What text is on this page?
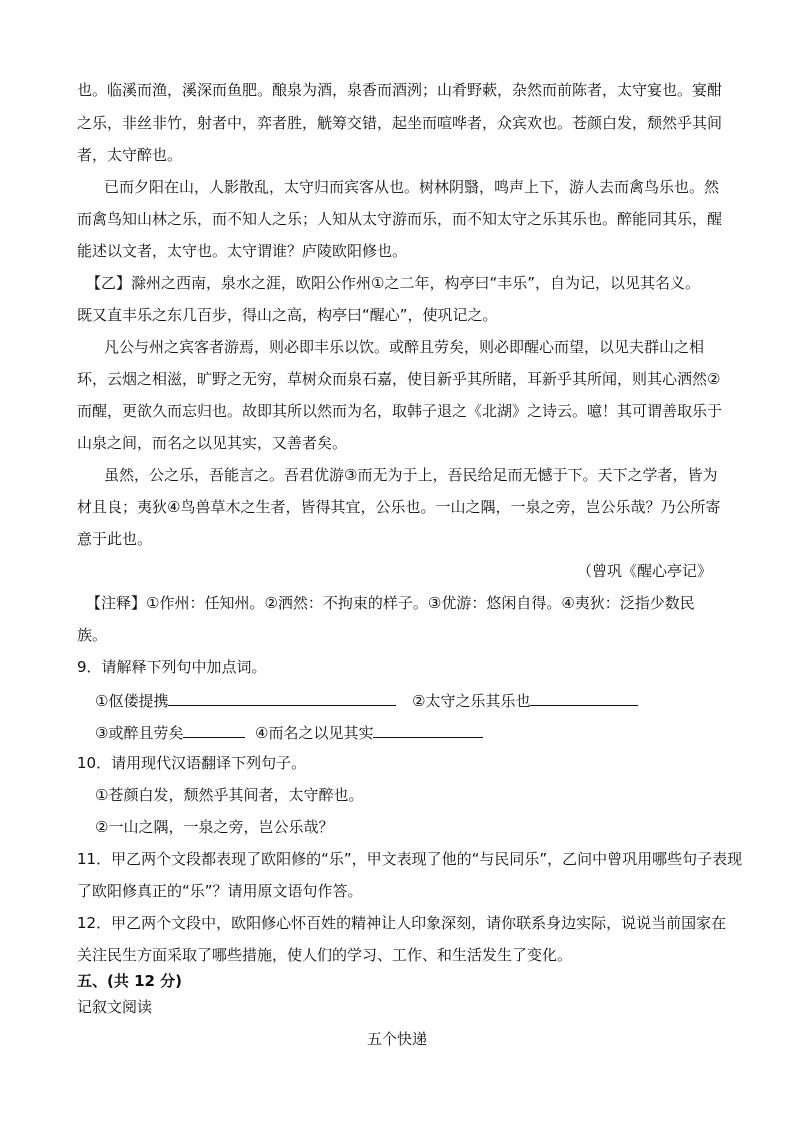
也。临溪而渔，溪深而鱼肥。酿泉为酒，泉香而酒洌；山肴野蔌，杂然而前陈者，太守宴也。宴酣
之乐，非丝非竹，射者中，弈者胜，觥筹交错，起坐而喧哗者，众宾欢也。苍颜白发，颓然乎其间
者，太守醉也。
已而夕阳在山，人影散乱，太守归而宾客从也。树林阴翳，鸣声上下，游人去而禽鸟乐也。然
而禽鸟知山林之乐，而不知人之乐；人知从太守游而乐，而不知太守之乐其乐也。醉能同其乐，醒
能述以文者，太守也。太守谓谁？庐陵欧阳修也。
【乙】滁州之西南，泉水之涯，欧阳公作州①之二年，构亭曰“丰乐”，自为记，以见其名义。
既又直丰乐之东几百步，得山之高，构亭曰“醒心”，使巩记之。
凡公与州之宾客者游焉，则必即丰乐以饮。或醉且劳矣，则必即醒心而望，以见夫群山之相
环，云烟之相滋，旷野之无穷，草树众而泉石嘉，使目新乎其所睹，耳新乎其所闻，则其心洒然②
而醒，更欲久而忘归也。故即其所以然而为名，取韩子退之《北湖》之诗云。噫！其可谓善取乐于
山泉之间，而名之以见其实，又善者矣。
虽然，公之乐，吾能言之。吾君优游③而无为于上，吾民给足而无憾于下。天下之学者，皆为
材且良；夷狄④鸟兽草木之生者，皆得其宜，公乐也。一山之隅，一泉之旁，岂公乐哉？乃公所寄
意于此也。
（曾巩《醒心亭记》
【注释】①作州：任知州。②洒然：不拘束的样子。③优游：悠闲自得。④夷狄：泛指少数民
族。
9．请解释下列句中加点词。
①伛偻提携	②太守之乐其乐也
③或醉且劳矣	④而名之以见其实
10．请用现代汉语翻译下列句子。
①苍颜白发，颓然乎其间者，太守醉也。
②一山之隅，一泉之旁，岂公乐哉？
11．甲乙两个文段都表现了欧阳修的“乐”，甲文表现了他的“与民同乐”，乙问中曾巩用哪些句子表现
了欧阳修真正的“乐”？请用原文语句作答。
12．甲乙两个文段中，欧阳修心怀百姓的精神让人印象深刻，请你联系身边实际，说说当前国家在
关注民生方面采取了哪些措施，使人们的学习、工作、和生活发生了变化。
五、(共 12 分)
记叙文阅读
五个快递
